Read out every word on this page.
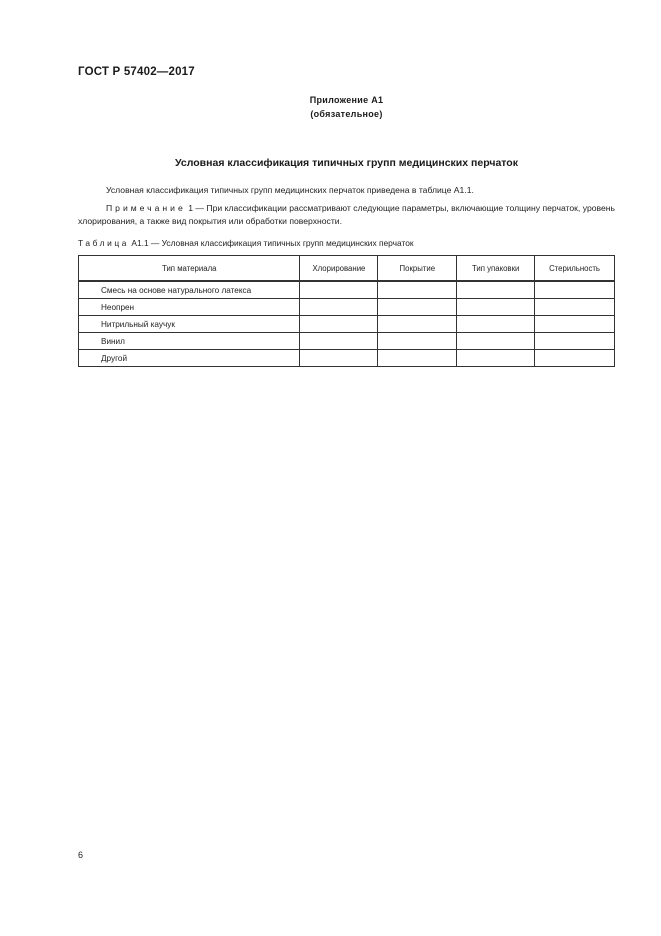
ГОСТ Р 57402—2017
Приложение А1
(обязательное)
Условная классификация типичных групп медицинских перчаток
Условная классификация типичных групп медицинских перчаток приведена в таблице А1.1.
Примечание 1 — При классификации рассматривают следующие параметры, включающие толщину перчаток, уровень хлорирования, а также вид покрытия или обработки поверхности.
Таблица А1.1 — Условная классификация типичных групп медицинских перчаток
Тип материала	Хлорирование	Покрытие	Тип упаковки	Стерильность
Смесь на основе натурального латекса				
Неопрен				
Нитрильный каучук				
Винил				
Другой				
6
